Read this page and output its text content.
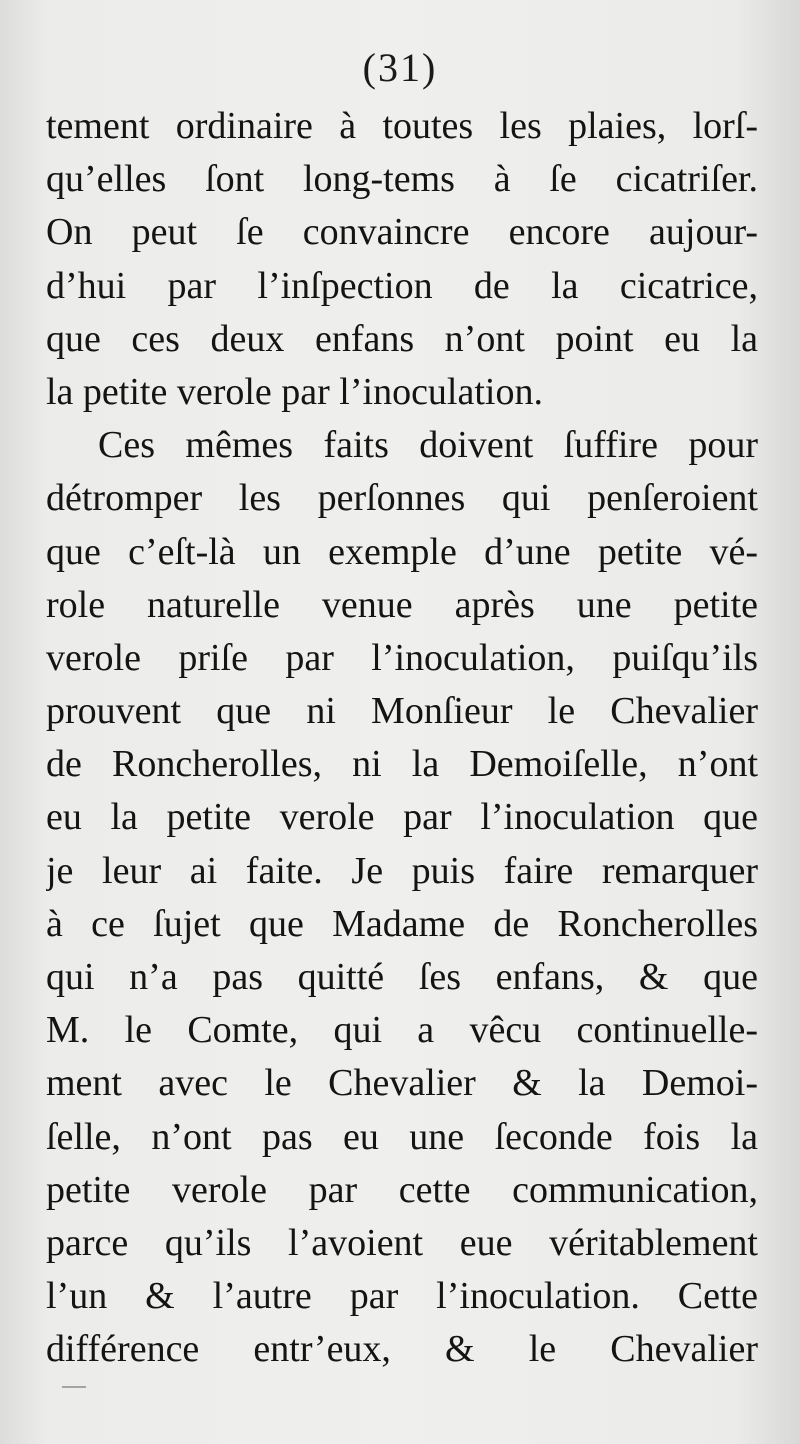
(31)
tement ordinaire à toutes les plaies, lorſ-
qu’elles ſont long-tems à ſe cicatriſer.
On peut ſe convaincre encore aujour-
d’hui par l’inſpection de la cicatrice,
que ces deux enfans n’ont point eu la
la petite verole par l’inoculation.
Ces mêmes faits doivent ſuffire pour
détromper les perſonnes qui penſeroient
que c’eſt-là un exemple d’une petite vé-
role naturelle venue après une petite
verole priſe par l’inoculation, puiſqu’ils
prouvent que ni Monſieur le Chevalier
de Roncherolles, ni la Demoiſelle, n’ont
eu la petite verole par l’inoculation que
je leur ai faite. Je puis faire remarquer
à ce ſujet que Madame de Roncherolles
qui n’a pas quitté ſes enfans, & que
M. le Comte, qui a vêcu continuelle-
ment avec le Chevalier & la Demoi-
ſelle, n’ont pas eu une ſeconde fois la
petite verole par cette communication,
parce qu’ils l’avoient eue véritablement
l’un & l’autre par l’inoculation. Cette
différence entr’eux, & le Chevalier
